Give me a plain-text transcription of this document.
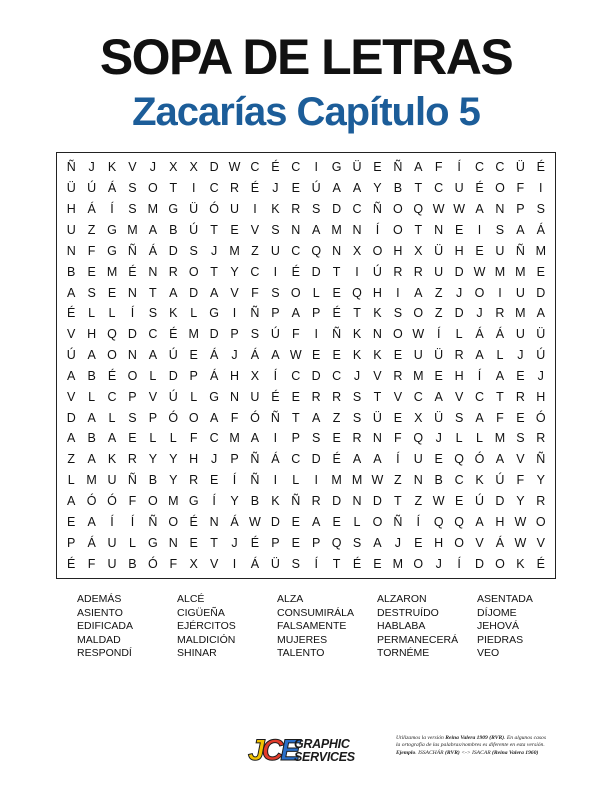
SOPA DE LETRAS
Zacarías Capítulo 5
Ñ	J	K V	J	X X D W C É C	I	G Ü E Ñ A F	Í	C C Ü É
Ü Ú Á S O T	I	C R É	J	E Ú A A Y B T C U É O F	I
H Á	Í	S M G Ü Ó U	I	K R S D C Ñ O Q W W A N P S
U Z G M A B Ú T E V S N A M N	Í	O T N E	I	S A Á
N F G Ñ Á D S	J M Z U C Q N X O H X Ü H E U Ñ M
B E M É N R O T Y C	I	É D T	I	Ú R R U D W M M E
A S E N T A D A V F S O L	E Q H	I	A Z	J O	I	U D
É	L	L	Í	S K	L G	I	Ñ P A P É T K S O Z D	J	R M A
V H Q D C É M D P S Ú F	I	Ñ K N O W	Í	L	Á Á U Ü
Ú A O N A Ú E Á	J	Á A W E E K K E U Ü R A	L	J	Ú
A B É O L D P Á H X	Í	C D C	J	V R M E H	Í	A E	J
V	L C P V Ú L G N U É E R R S T V C A V C T R H
D A	L	S P Ó O A F Ó Ñ T A Z S Ü E X Ü S A F E Ó
A B A E	L	L	F C M A	I	P S E R N F Q J	L	L M S R
Z A K R Y Y H	J	P Ñ Á C D É A A	Í	U E Q Ó A V Ñ
L M U Ñ B Y R E	Í	Ñ	I	L	I	M M W Z N B C K Ú F Y
A Ó Ó F O M G	Í	Y B K Ñ R D N D T	Z W E Ú D Y R
E A	Í	Í	Ñ O É N Á W D E A E	L O Ñ	Í	Q Q A H W O
P Á U L G N E T	J	É P E P Q S A	J	E H O V Á W V
É F U B Ó F X V	I	Á Ü S	Í	T É E M O J	Í	D O K É
ADEMÁS	ALCÉ	ALZA	ALZARON	ASENTADA
ASIENTO	CIGÜEÑA	CONSUMIRÁLA	DESTRUÍDO	DÍJOME
EDIFICADA	EJÉRCITOS	FALSAMENTE	HABLABA	JEHOVÁ
MALDAD	MALDICIÓN	MUJERES	PERMANECERÁ	PIEDRAS
RESPONDÍ	SHINAR	TALENTO	TORNÉME	VEO
JCE
GRAPHIC
SERVICES
Utilizamos la versión Reina Valera 1909 (RVR). En algunos casos
la ortografía de las palabras/nombres es diferente en esta versión.
Ejemplo. ISSACHÁR (RVR) <-> ISACAR (Reina Valera 1960)
